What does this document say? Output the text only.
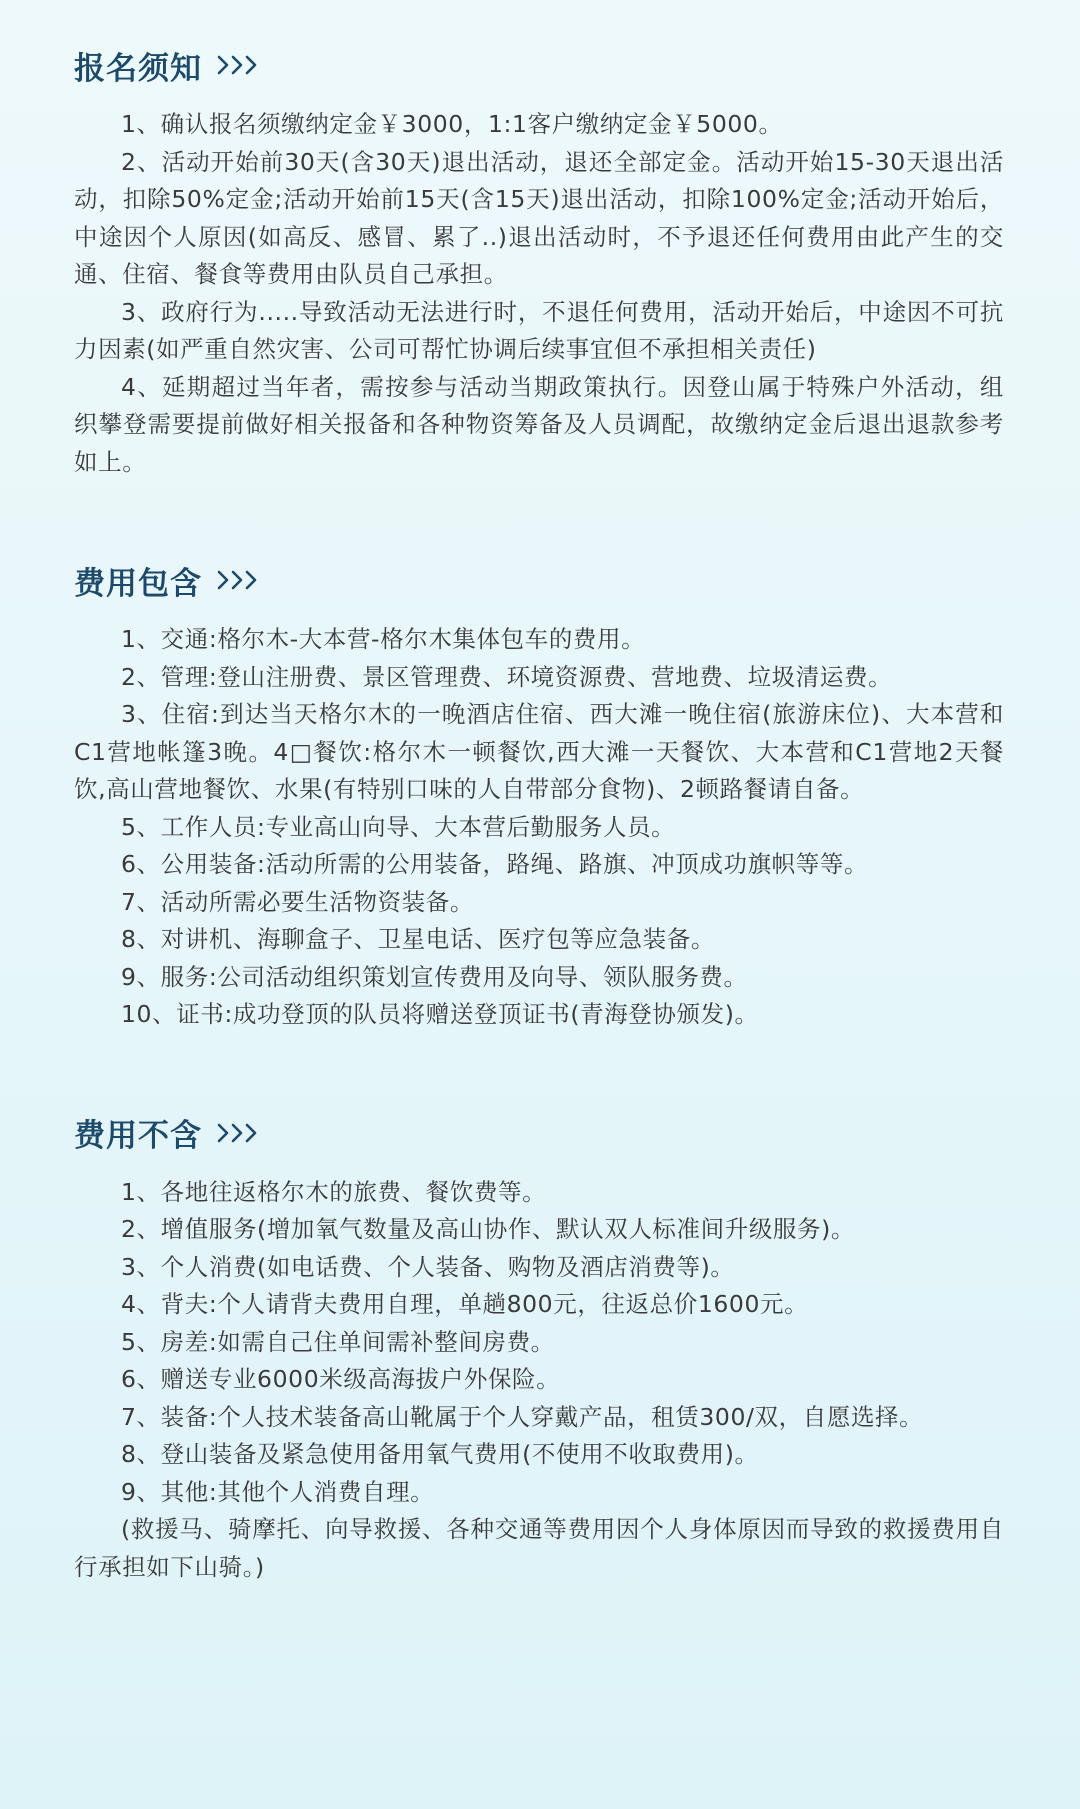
报名须知

1、确认报名须缴纳定金￥3000，1:1客户缴纳定金￥5000。

2、活动开始前30天(含30天)退出活动，退还全部定金。活动开始15-30天退出活动，扣除50%定金;活动开始前15天(含15天)退出活动，扣除100%定金;活动开始后，中途因个人原因(如高反、感冒、累了..)退出活动时，不予退还任何费用由此产生的交通、住宿、餐食等费用由队员自己承担。

3、政府行为.....导致活动无法进行时，不退任何费用，活动开始后，中途因不可抗力因素(如严重自然灾害、公司可帮忙协调后续事宜但不承担相关责任)

4、延期超过当年者，需按参与活动当期政策执行。因登山属于特殊户外活动，组织攀登需要提前做好相关报备和各种物资筹备及人员调配，故缴纳定金后退出退款参考如上。

费用包含

1、交通:格尔木-大本营-格尔木集体包车的费用。

2、管理:登山注册费、景区管理费、环境资源费、营地费、垃圾清运费。

3、住宿:到达当天格尔木的一晚酒店住宿、西大滩一晚住宿(旅游床位)、大本营和C1营地帐篷3晚。4□餐饮:格尔木一顿餐饮,西大滩一天餐饮、大本营和C1营地2天餐饮,高山营地餐饮、水果(有特别口味的人自带部分食物)、2顿路餐请自备。

5、工作人员:专业高山向导、大本营后勤服务人员。

6、公用装备:活动所需的公用装备，路绳、路旗、冲顶成功旗帜等等。

7、活动所需必要生活物资装备。

8、对讲机、海聊盒子、卫星电话、医疗包等应急装备。

9、服务:公司活动组织策划宣传费用及向导、领队服务费。

10、证书:成功登顶的队员将赠送登顶证书(青海登协颁发)。

费用不含

1、各地往返格尔木的旅费、餐饮费等。

2、增值服务(增加氧气数量及高山协作、默认双人标准间升级服务)。

3、个人消费(如电话费、个人装备、购物及酒店消费等)。

4、背夫:个人请背夫费用自理，单趟800元，往返总价1600元。

5、房差:如需自己住单间需补整间房费。

6、赠送专业6000米级高海拔户外保险。

7、装备:个人技术装备高山靴属于个人穿戴产品，租赁300/双，自愿选择。

8、登山装备及紧急使用备用氧气费用(不使用不收取费用)。

9、其他:其他个人消费自理。

(救援马、骑摩托、向导救援、各种交通等费用因个人身体原因而导致的救援费用自行承担如下山骑。)
